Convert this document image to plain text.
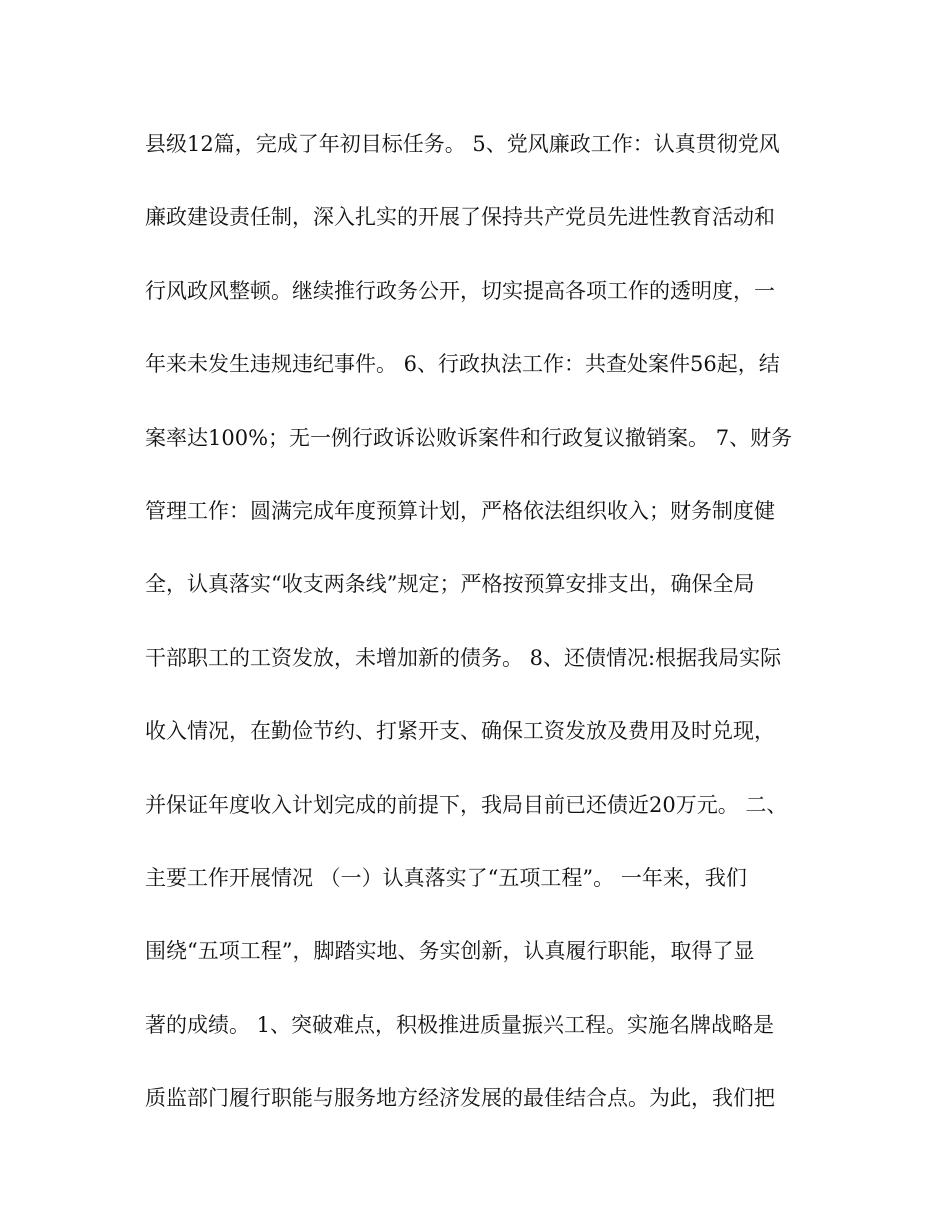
县级12篇，完成了年初目标任务。 5、党风廉政工作：认真贯彻党风
廉政建设责任制，深入扎实的开展了保持共产党员先进性教育活动和
行风政风整顿。继续推行政务公开，切实提高各项工作的透明度，一
年来未发生违规违纪事件。 6、行政执法工作：共查处案件56起，结
案率达100%；无一例行政诉讼败诉案件和行政复议撤销案。 7、财务
管理工作：圆满完成年度预算计划，严格依法组织收入；财务制度健
全，认真落实“收支两条线”规定；严格按预算安排支出，确保全局
干部职工的工资发放，未增加新的债务。 8、还债情况:根据我局实际
收入情况，在勤俭节约、打紧开支、确保工资发放及费用及时兑现，
并保证年度收入计划完成的前提下，我局目前已还债近20万元。 二、
主要工作开展情况 （一）认真落实了“五项工程”。 一年来，我们
围绕“五项工程”，脚踏实地、务实创新，认真履行职能，取得了显
著的成绩。 1、突破难点，积极推进质量振兴工程。实施名牌战略是
质监部门履行职能与服务地方经济发展的最佳结合点。为此，我们把
